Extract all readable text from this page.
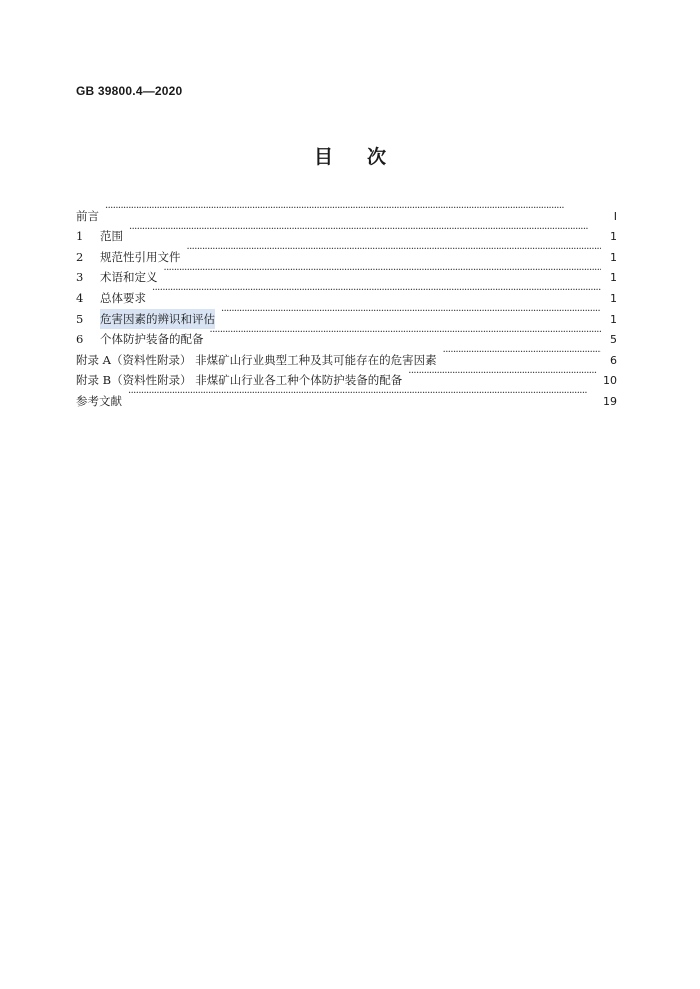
GB 39800.4—2020
目次
前言 ·····	Ⅰ
1	范围 ·····	1
2	规范性引用文件 ·····	1
3	术语和定义 ·····	1
4	总体要求 ·····	1
5	危害因素的辨识和评估 ·····	1
6	个体防护装备的配备 ·····	5
附录 A（资料性附录） 非煤矿山行业典型工种及其可能存在的危害因素 ·····	6
附录 B（资料性附录） 非煤矿山行业各工种个体防护装备的配备 ·····	10
参考文献 ·····	19
